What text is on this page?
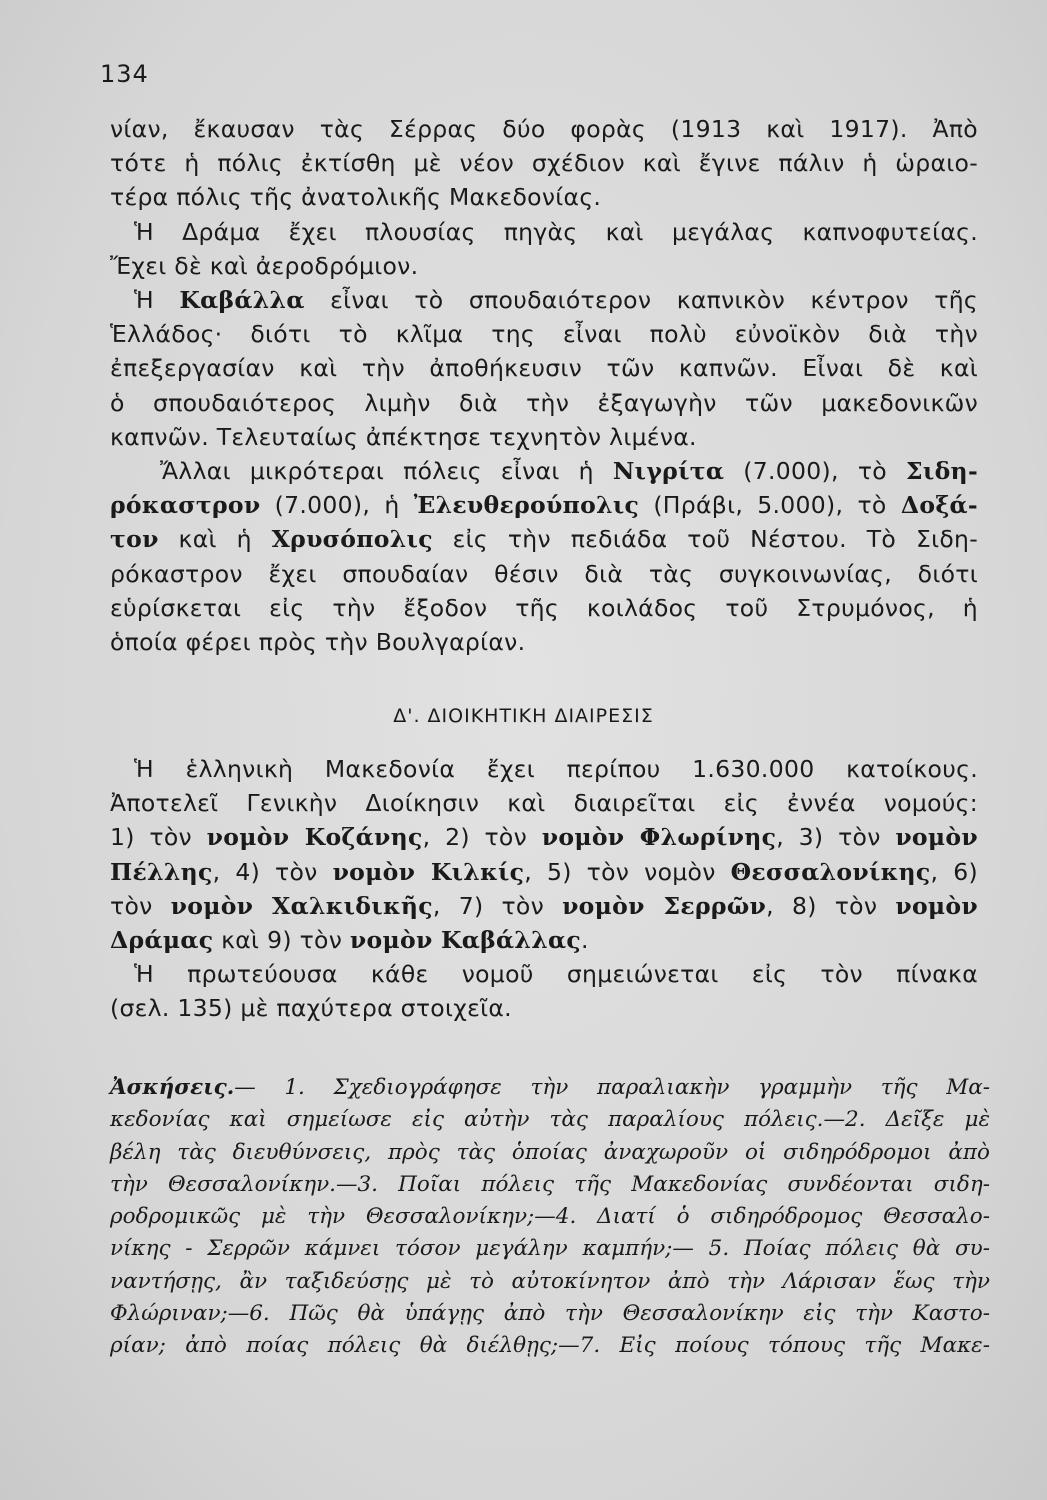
134
νίαν, ἔκαυσαν τὰς Σέρρας δύο φορὰς (1913 καὶ 1917). Ἀπὸ
τότε ἡ πόλις ἐκτίσθη μὲ νέον σχέδιον καὶ ἔγινε πάλιν ἡ ὡραιο-
τέρα πόλις τῆς ἀνατολικῆς Μακεδονίας.
Ἡ Δράμα ἔχει πλουσίας πηγὰς καὶ μεγάλας καπνοφυτείας.
Ἔχει δὲ καὶ ἀεροδρόμιον.
Ἡ Καβάλλα εἶναι τὸ σπουδαιότερον καπνικὸν κέντρον τῆς
Ἑλλάδος· διότι τὸ κλῖμα της εἶναι πολὺ εὐνοϊκὸν διὰ τὴν
ἐπεξεργασίαν καὶ τὴν ἀποθήκευσιν τῶν καπνῶν. Εἶναι δὲ καὶ
ὁ σπουδαιότερος λιμὴν διὰ τὴν ἐξαγωγὴν τῶν μακεδονικῶν
καπνῶν. Τελευταίως ἀπέκτησε τεχνητὸν λιμένα.
Ἄλλαι μικρότεραι πόλεις εἶναι ἡ Νιγρίτα (7.000), τὸ Σιδη-
ρόκαστρον (7.000), ἡ Ἐλευθερούπολις (Πράβι, 5.000), τὸ Δοξά-
τον καὶ ἡ Χρυσόπολις εἰς τὴν πεδιάδα τοῦ Νέστου. Τὸ Σιδη-
ρόκαστρον ἔχει σπουδαίαν θέσιν διὰ τὰς συγκοινωνίας, διότι
εὑρίσκεται εἰς τὴν ἔξοδον τῆς κοιλάδος τοῦ Στρυμόνος, ἡ
ὁποία φέρει πρὸς τὴν Βουλγαρίαν.
Δ'. ΔΙΟΙΚΗΤΙΚΗ ΔΙΑΙΡΕΣΙΣ
Ἡ ἑλληνικὴ Μακεδονία ἔχει περίπου 1.630.000 κατοίκους.
Ἀποτελεῖ Γενικὴν Διοίκησιν καὶ διαιρεῖται εἰς ἐννέα νομούς:
1) τὸν νομὸν Κοζάνης, 2) τὸν νομὸν Φλωρίνης, 3) τὸν νομὸν
Πέλλης, 4) τὸν νομὸν Κιλκίς, 5) τὸν νομὸν Θεσσαλονίκης, 6)
τὸν νομὸν Χαλκιδικῆς, 7) τὸν νομὸν Σερρῶν, 8) τὸν νομὸν
Δράμας καὶ 9) τὸν νομὸν Καβάλλας.
Ἡ πρωτεύουσα κάθε νομοῦ σημειώνεται εἰς τὸν πίνακα
(σελ. 135) μὲ παχύτερα στοιχεῖα.
Ἀσκήσεις.— 1. Σχεδιογράφησε τὴν παραλιακὴν γραμμὴν τῆς Μα-
κεδονίας καὶ σημείωσε εἰς αὐτὴν τὰς παραλίους πόλεις.—2. Δεῖξε μὲ
βέλη τὰς διευθύνσεις, πρὸς τὰς ὁποίας ἀναχωροῦν οἱ σιδηρόδρομοι ἀπὸ
τὴν Θεσσαλονίκην.—3. Ποῖαι πόλεις τῆς Μακεδονίας συνδέονται σιδη-
ροδρομικῶς μὲ τὴν Θεσσαλονίκην;—4. Διατί ὁ σιδηρόδρομος Θεσσαλο-
νίκης - Σερρῶν κάμνει τόσον μεγάλην καμπήν;— 5. Ποίας πόλεις θὰ συ-
ναντήσῃς, ἂν ταξιδεύσῃς μὲ τὸ αὐτοκίνητον ἀπὸ τὴν Λάρισαν ἕως τὴν
Φλώριναν;—6. Πῶς θὰ ὑπάγῃς ἀπὸ τὴν Θεσσαλονίκην εἰς τὴν Καστο-
ρίαν; ἀπὸ ποίας πόλεις θὰ διέλθῃς;—7. Εἰς ποίους τόπους τῆς Μακε-
